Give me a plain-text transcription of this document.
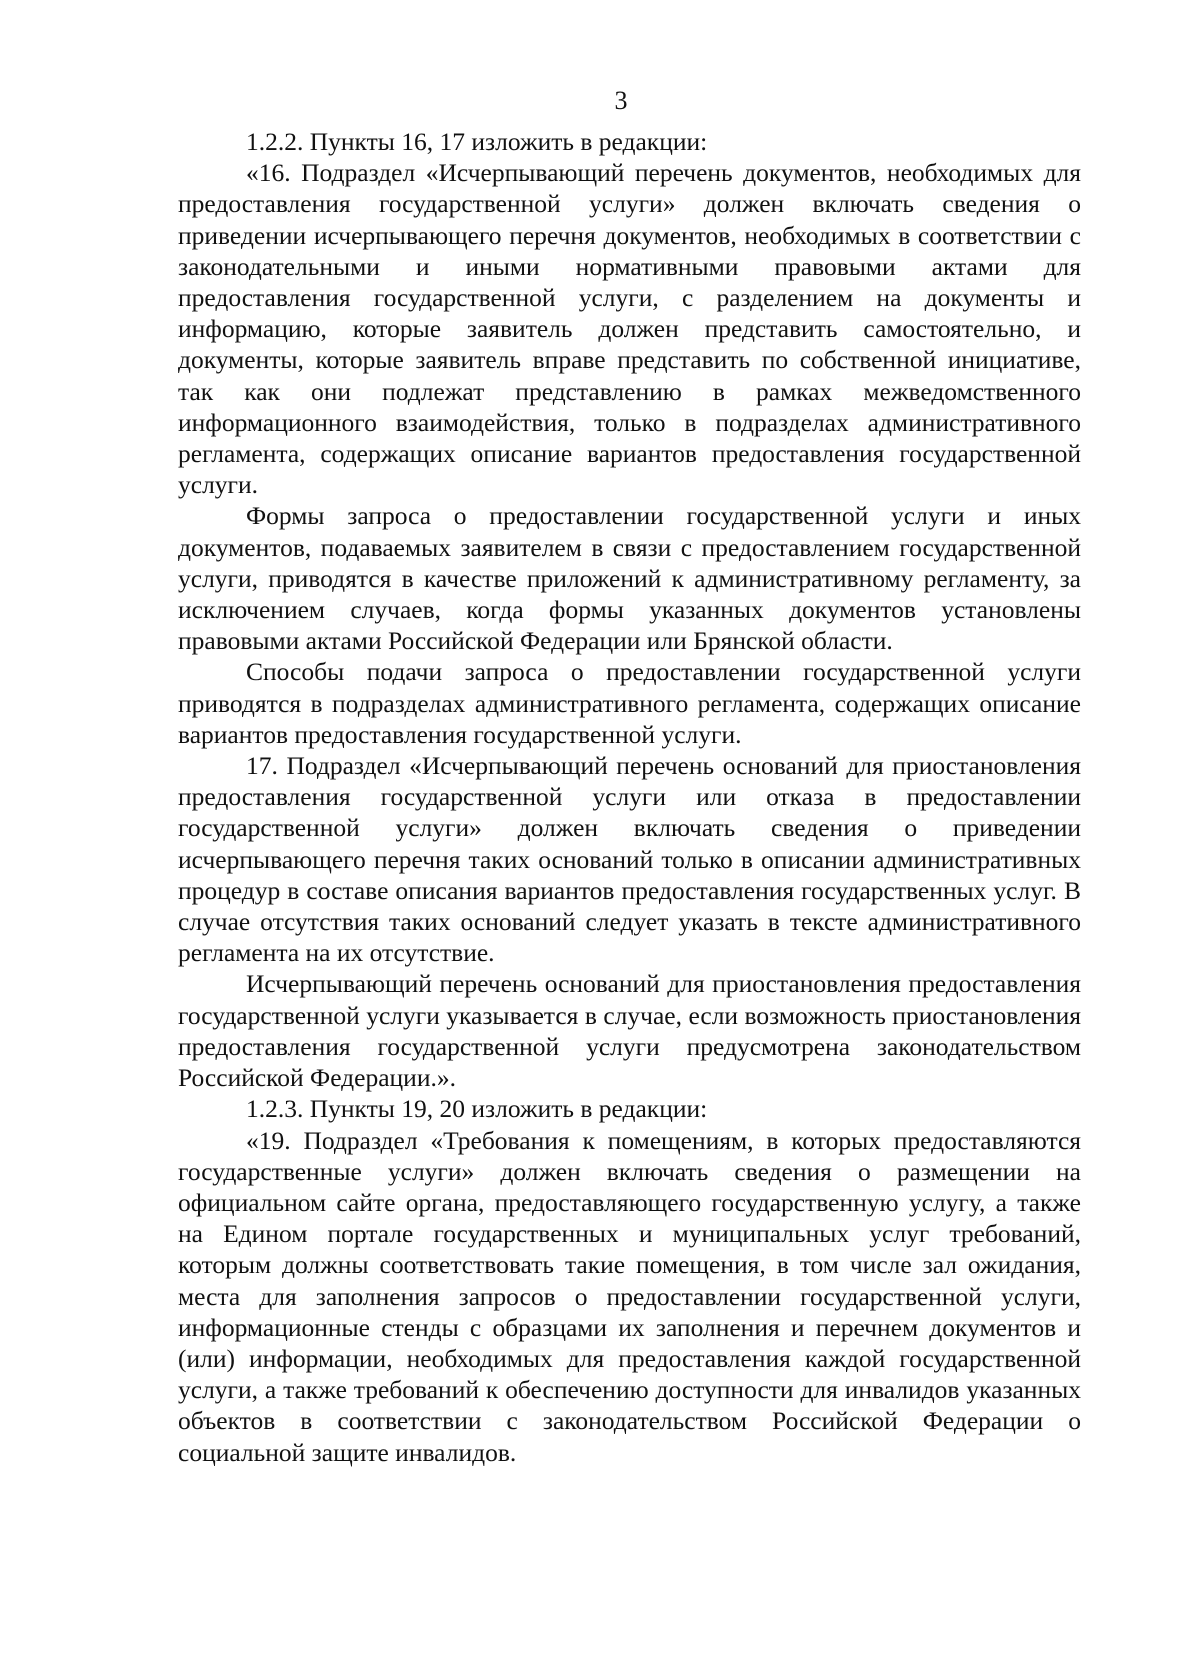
3

1.2.2. Пункты 16, 17 изложить в редакции:

«16. Подраздел «Исчерпывающий перечень документов, необходимых для предоставления государственной услуги» должен включать сведения о приведении исчерпывающего перечня документов, необходимых в соответствии с законодательными и иными нормативными правовыми актами для предоставления государственной услуги, с разделением на документы и информацию, которые заявитель должен представить самостоятельно, и документы, которые заявитель вправе представить по собственной инициативе, так как они подлежат представлению в рамках межведомственного информационного взаимодействия, только в подразделах административного регламента, содержащих описание вариантов предоставления государственной услуги.

Формы запроса о предоставлении государственной услуги и иных документов, подаваемых заявителем в связи с предоставлением государственной услуги, приводятся в качестве приложений к административному регламенту, за исключением случаев, когда формы указанных документов установлены правовыми актами Российской Федерации или Брянской области.

Способы подачи запроса о предоставлении государственной услуги приводятся в подразделах административного регламента, содержащих описание вариантов предоставления государственной услуги.

17. Подраздел «Исчерпывающий перечень оснований для приостановления предоставления государственной услуги или отказа в предоставлении государственной услуги» должен включать сведения о приведении исчерпывающего перечня таких оснований только в описании административных процедур в составе описания вариантов предоставления государственных услуг. В случае отсутствия таких оснований следует указать в тексте административного регламента на их отсутствие.

Исчерпывающий перечень оснований для приостановления предоставления государственной услуги указывается в случае, если возможность приостановления предоставления государственной услуги предусмотрена законодательством Российской Федерации.».

1.2.3. Пункты 19, 20 изложить в редакции:

«19. Подраздел «Требования к помещениям, в которых предоставляются государственные услуги» должен включать сведения о размещении на официальном сайте органа, предоставляющего государственную услугу, а также на Едином портале государственных и муниципальных услуг требований, которым должны соответствовать такие помещения, в том числе зал ожидания, места для заполнения запросов о предоставлении государственной услуги, информационные стенды с образцами их заполнения и перечнем документов и (или) информации, необходимых для предоставления каждой государственной услуги, а также требований к обеспечению доступности для инвалидов указанных объектов в соответствии с законодательством Российской Федерации о социальной защите инвалидов.
